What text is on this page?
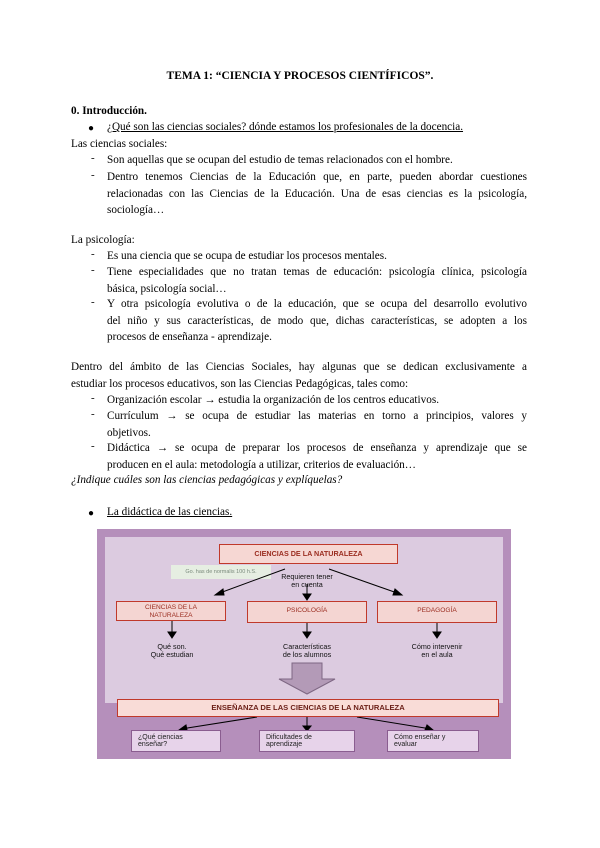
TEMA 1: “CIENCIA Y PROCESOS CIENTÍFICOS”.
0. Introducción.
● ¿Qué son las ciencias sociales? dónde estamos los profesionales de la docencia.
Las ciencias sociales:
- Son aquellas que se ocupan del estudio de temas relacionados con el hombre.
- Dentro tenemos Ciencias de la Educación que, en parte, pueden abordar cuestiones
relacionadas con las Ciencias de la Educación. Una de esas ciencias es la psicología,
sociología…
La psicología:
- Es una ciencia que se ocupa de estudiar los procesos mentales.
- Tiene especialidades que no tratan temas de educación: psicología clínica, psicología
básica, psicología social…
- Y otra psicología evolutiva o de la educación, que se ocupa del desarrollo evolutivo
del niño y sus características, de modo que, dichas características, se adopten a los
procesos de enseñanza - aprendizaje.
Dentro del ámbito de las Ciencias Sociales, hay algunas que se dedican exclusivamente a
estudiar los procesos educativos, son las Ciencias Pedagógicas, tales como:
- Organización escolar → estudia la organización de los centros educativos.
- Currículum → se ocupa de estudiar las materias en torno a principios, valores y
objetivos.
- Didáctica → se ocupa de preparar los procesos de enseñanza y aprendizaje que se
producen en el aula: metodología a utilizar, criterios de evaluación…
¿Indique cuáles son las ciencias pedagógicas y explíquelas?
● La didáctica de las ciencias.
Go. has de normalis 100 h.S.
CIENCIAS DE LA NATURALEZA
Requieren tener
en cuenta
CIENCIAS DE LA
NATURALEZA
PSICOLOGÍA	PEDAGOGÍA
Qué son.
Qué estudian
Características
de los alumnos
Cómo intervenir
en el aula
ENSEÑANZA DE LAS CIENCIAS DE LA NATURALEZA
¿Qué ciencias
enseñar?
Dificultades de
aprendizaje
Cómo enseñar y
evaluar
